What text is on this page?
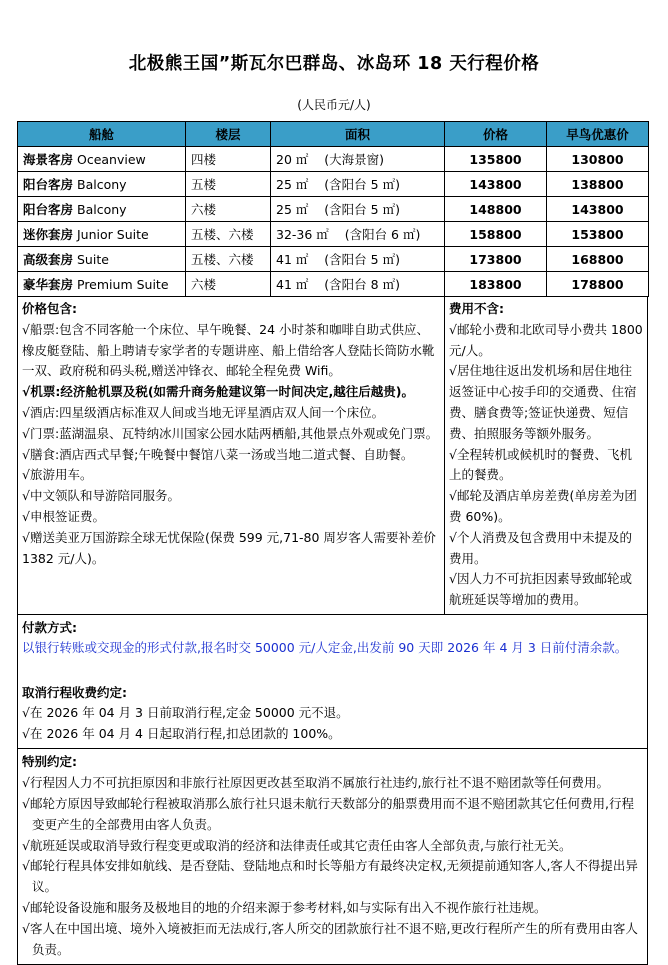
北极熊王国”斯瓦尔巴群岛、冰岛环 18 天行程价格
(人民币元/人)
船舱	楼层	面积	价格	早鸟优惠价
海景客房 Oceanview	四楼	20 ㎡ (大海景窗)	135800	130800
阳台客房 Balcony	五楼	25 ㎡ (含阳台 5 ㎡)	143800	138800
阳台客房 Balcony	六楼	25 ㎡ (含阳台 5 ㎡)	148800	143800
迷你套房 Junior Suite	五楼、六楼	32-36 ㎡ (含阳台 6 ㎡)	158800	153800
高级套房 Suite	五楼、六楼	41 ㎡ (含阳台 5 ㎡)	173800	168800
豪华套房 Premium Suite	六楼	41 ㎡ (含阳台 8 ㎡)	183800	178800
价格包含:
√船票:包含不同客舱一个床位、早午晚餐、24 小时茶和咖啡自助式供应、橡皮艇登陆、船上聘请专家学者的专题讲座、船上借给客人登陆长筒防水靴一双、政府税和码头税,赠送冲锋衣、邮轮全程免费 Wifi。
√机票:经济舱机票及税(如需升商务舱建议第一时间决定,越往后越贵)。
√酒店:四星级酒店标准双人间或当地无评星酒店双人间一个床位。
√门票:蓝湖温泉、瓦特纳冰川国家公园水陆两栖船,其他景点外观或免门票。
√膳食:酒店西式早餐;午晚餐中餐馆八菜一汤或当地二道式餐、自助餐。
√旅游用车。
√中文领队和导游陪同服务。
√申根签证费。
√赠送美亚万国游踪全球无忧保险(保费 599 元,71-80 周岁客人需要补差价 1382 元/人)。
费用不含:
√邮轮小费和北欧司导小费共 1800 元/人。
√居住地往返出发机场和居住地往返签证中心按手印的交通费、住宿费、膳食费等;签证快递费、短信费、拍照服务等额外服务。
√全程转机或候机时的餐费、飞机上的餐费。
√邮轮及酒店单房差费(单房差为团费 60%)。
√个人消费及包含费用中未提及的费用。
√因人力不可抗拒因素导致邮轮或航班延误等增加的费用。
付款方式:
以银行转账或交现金的形式付款,报名时交 50000 元/人定金,出发前 90 天即 2026 年 4 月 3 日前付清余款。
取消行程收费约定:
√在 2026 年 04 月 3 日前取消行程,定金 50000 元不退。
√在 2026 年 04 月 4 日起取消行程,扣总团款的 100%。
特别约定:

√行程因人力不可抗拒原因和非旅行社原因更改甚至取消不属旅行社违约,旅行社不退不赔团款等任何费用。

√邮轮方原因导致邮轮行程被取消那么旅行社只退未航行天数部分的船票费用而不退不赔团款其它任何费用,行程变更产生的全部费用由客人负责。

√航班延误或取消导致行程变更或取消的经济和法律责任或其它责任由客人全部负责,与旅行社无关。

√邮轮行程具体安排如航线、是否登陆、登陆地点和时长等船方有最终决定权,无须提前通知客人,客人不得提出异议。

√邮轮设备设施和服务及极地目的地的介绍来源于参考材料,如与实际有出入不视作旅行社违规。

√客人在中国出境、境外入境被拒而无法成行,客人所交的团款旅行社不退不赔,更改行程所产生的所有费用由客人负责。
